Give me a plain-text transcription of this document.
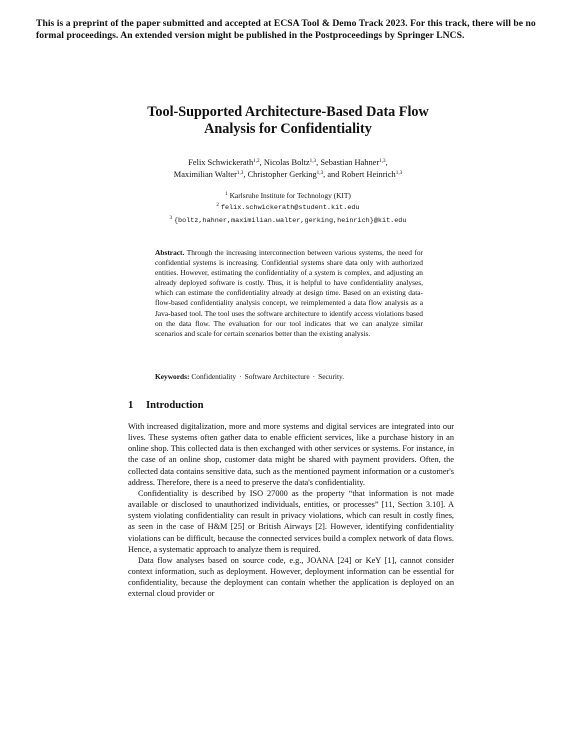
This is a preprint of the paper submitted and accepted at ECSA Tool & Demo Track 2023. For this track, there will be no formal proceedings. An extended version might be published in the Postproceedings by Springer LNCS.
Tool-Supported Architecture-Based Data Flow
Analysis for Confidentiality
Felix Schwickerath$^{1,2}$, Nicolas Boltz$^{1,3}$, Sebastian Hahner$^{1,3}$,
Maximilian Walter$^{1,3}$, Christopher Gerking$^{1,3}$, and Robert Heinrich$^{1,3}$
$^1$ Karlsruhe Institute for Technology (KIT)
$^2$ felix.schwickerath@student.kit.edu
$^3$ {boltz,hahner,maximilian.walter,gerking,heinrich}@kit.edu
Abstract. Through the increasing interconnection between various systems, the need for confidential systems is increasing. Confidential systems share data only with authorized entities. However, estimating the confidentiality of a system is complex, and adjusting an already deployed software is costly. Thus, it is helpful to have confidentiality analyses, which can estimate the confidentiality already at design time. Based on an existing data-flow-based confidentiality analysis concept, we reimplemented a data flow analysis as a Java-based tool. The tool uses the software architecture to identify access violations based on the data flow. The evaluation for our tool indicates that we can analyze similar scenarios and scale for certain scenarios better than the existing analysis.
Keywords: Confidentiality · Software Architecture · Security.
1 Introduction

With increased digitalization, more and more systems and digital services are integrated into our lives. These systems often gather data to enable efficient services, like a purchase history in an online shop. This collected data is then exchanged with other services or systems. For instance, in the case of an online shop, customer data might be shared with payment providers. Often, the collected data contains sensitive data, such as the mentioned payment information or a customer's address. Therefore, there is a need to preserve the data's confidentiality.

Confidentiality is described by ISO 27000 as the property “that information is not made available or disclosed to unauthorized individuals, entities, or processes” [11, Section 3.10]. A system violating confidentiality can result in privacy violations, which can result in costly fines, as seen in the case of H&M [25] or British Airways [2]. However, identifying confidentiality violations can be difficult, because the connected services build a complex network of data flows. Hence, a systematic approach to analyze them is required.

Data flow analyses based on source code, e.g., JOANA [24] or KeY [1], cannot consider context information, such as deployment. However, deployment information can be essential for confidentiality, because the deployment can contain whether the application is deployed on an external cloud provider or
